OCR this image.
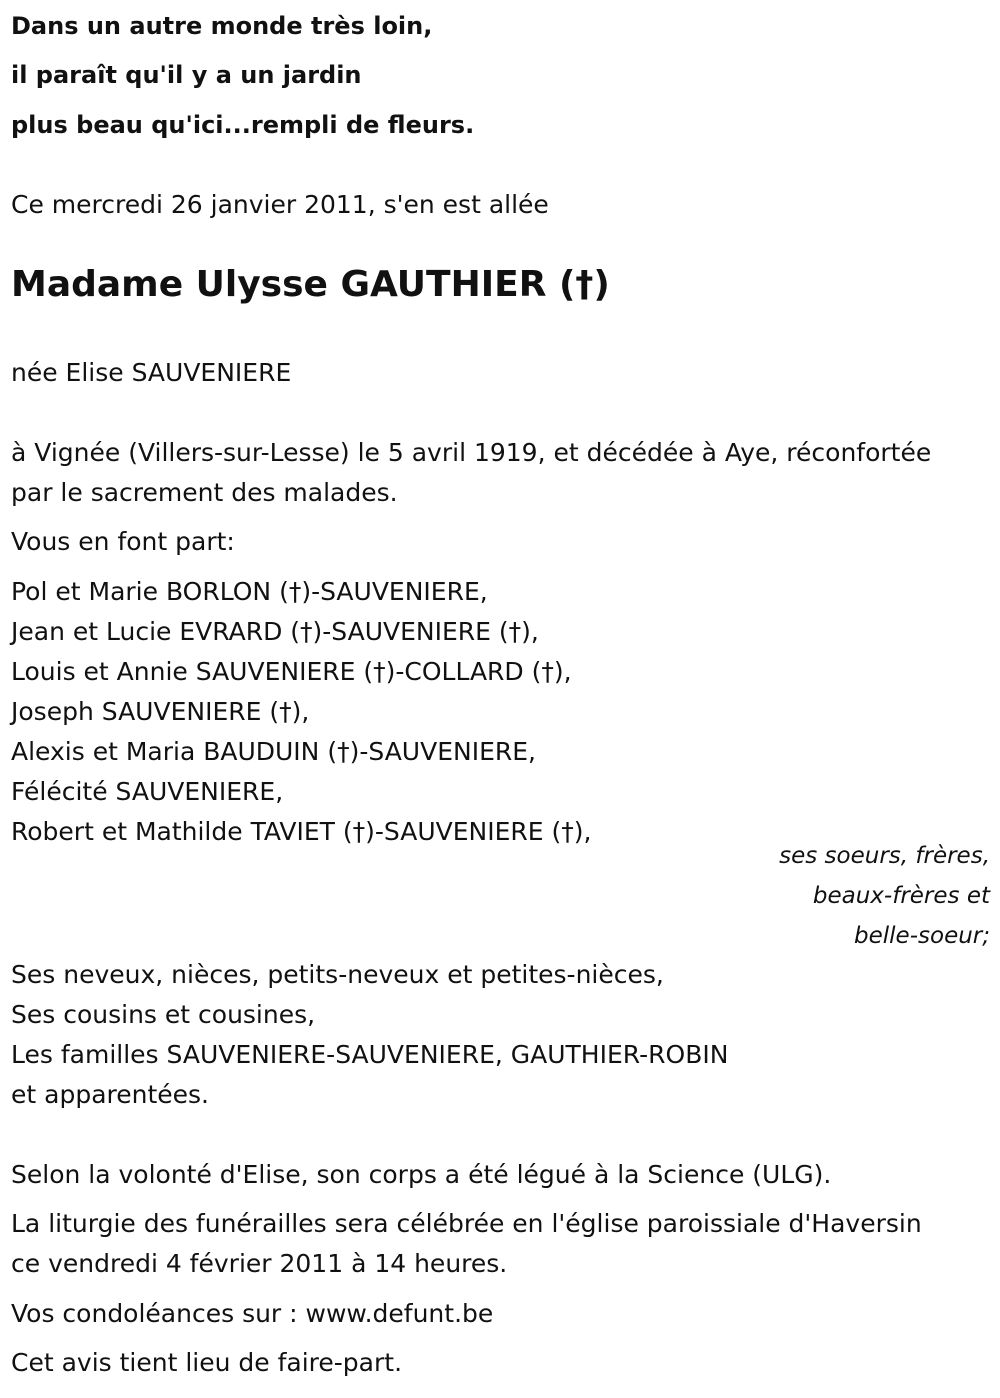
Dans un autre monde très loin,
il paraît qu'il y a un jardin
plus beau qu'ici...rempli de fleurs.
Ce mercredi 26 janvier 2011, s'en est allée
Madame Ulysse GAUTHIER (†)
née Elise SAUVENIERE
à Vignée (Villers-sur-Lesse) le 5 avril 1919, et décédée à Aye, réconfortée
par le sacrement des malades.
Vous en font part:
Pol et Marie BORLON (†)-SAUVENIERE,
Jean et Lucie EVRARD (†)-SAUVENIERE (†),
Louis et Annie SAUVENIERE (†)-COLLARD (†),
Joseph SAUVENIERE (†),
Alexis et Maria BAUDUIN (†)-SAUVENIERE,
Félécité SAUVENIERE,
Robert et Mathilde TAVIET (†)-SAUVENIERE (†),
ses soeurs, frères,
beaux-frères et
belle-soeur;
Ses neveux, nièces, petits-neveux et petites-nièces,
Ses cousins et cousines,
Les familles SAUVENIERE-SAUVENIERE, GAUTHIER-ROBIN
et apparentées.
Selon la volonté d'Elise, son corps a été légué à la Science (ULG).
La liturgie des funérailles sera célébrée en l'église paroissiale d'Haversin
ce vendredi 4 février 2011 à 14 heures.
Vos condoléances sur : www.defunt.be
Cet avis tient lieu de faire-part.
